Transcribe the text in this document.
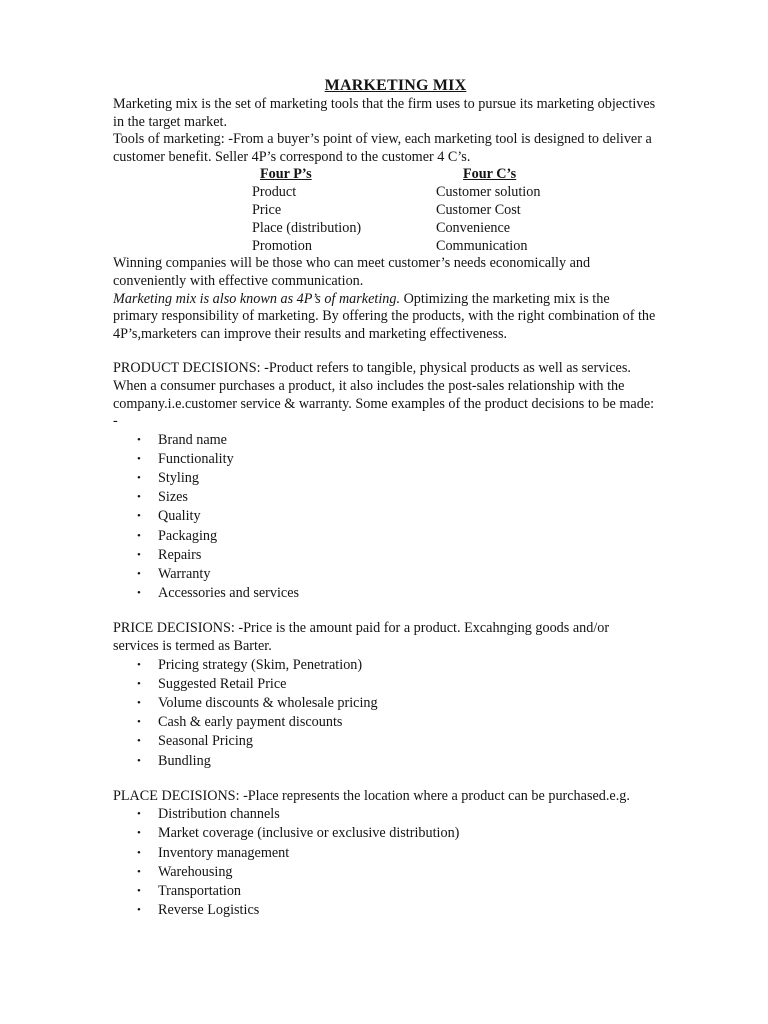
MARKETING MIX

Marketing mix is the set of marketing tools that the firm uses to pursue its marketing objectives in the target market.

Tools of marketing: -From a buyer’s point of view, each marketing tool is designed to deliver a customer benefit. Seller 4P’s correspond to the customer 4 C’s.

Four P’s	Four C’s
Product	Customer solution
Price	Customer Cost
Place (distribution)	Convenience
Promotion	Communication

Winning companies will be those who can meet customer’s needs economically and conveniently with effective communication.

Marketing mix is also known as 4P’s of marketing. Optimizing the marketing mix is the primary responsibility of marketing. By offering the products, with the right combination of the 4P’s,marketers can improve their results and marketing effectiveness.

PRODUCT DECISIONS: -Product refers to tangible, physical products as well as services. When a consumer purchases a product, it also includes the post-sales relationship with the company.i.e.customer service & warranty. Some examples of the product decisions to be made: -

• Brand name
• Functionality
• Styling
• Sizes
• Quality
• Packaging
• Repairs
• Warranty
• Accessories and services

PRICE DECISIONS: -Price is the amount paid for a product. Excahnging goods and/or services is termed as Barter.

• Pricing strategy (Skim, Penetration)
• Suggested Retail Price
• Volume discounts & wholesale pricing
• Cash & early payment discounts
• Seasonal Pricing
• Bundling

PLACE DECISIONS: -Place represents the location where a product can be purchased.e.g.

• Distribution channels
• Market coverage (inclusive or exclusive distribution)
• Inventory management
• Warehousing
• Transportation
• Reverse Logistics
